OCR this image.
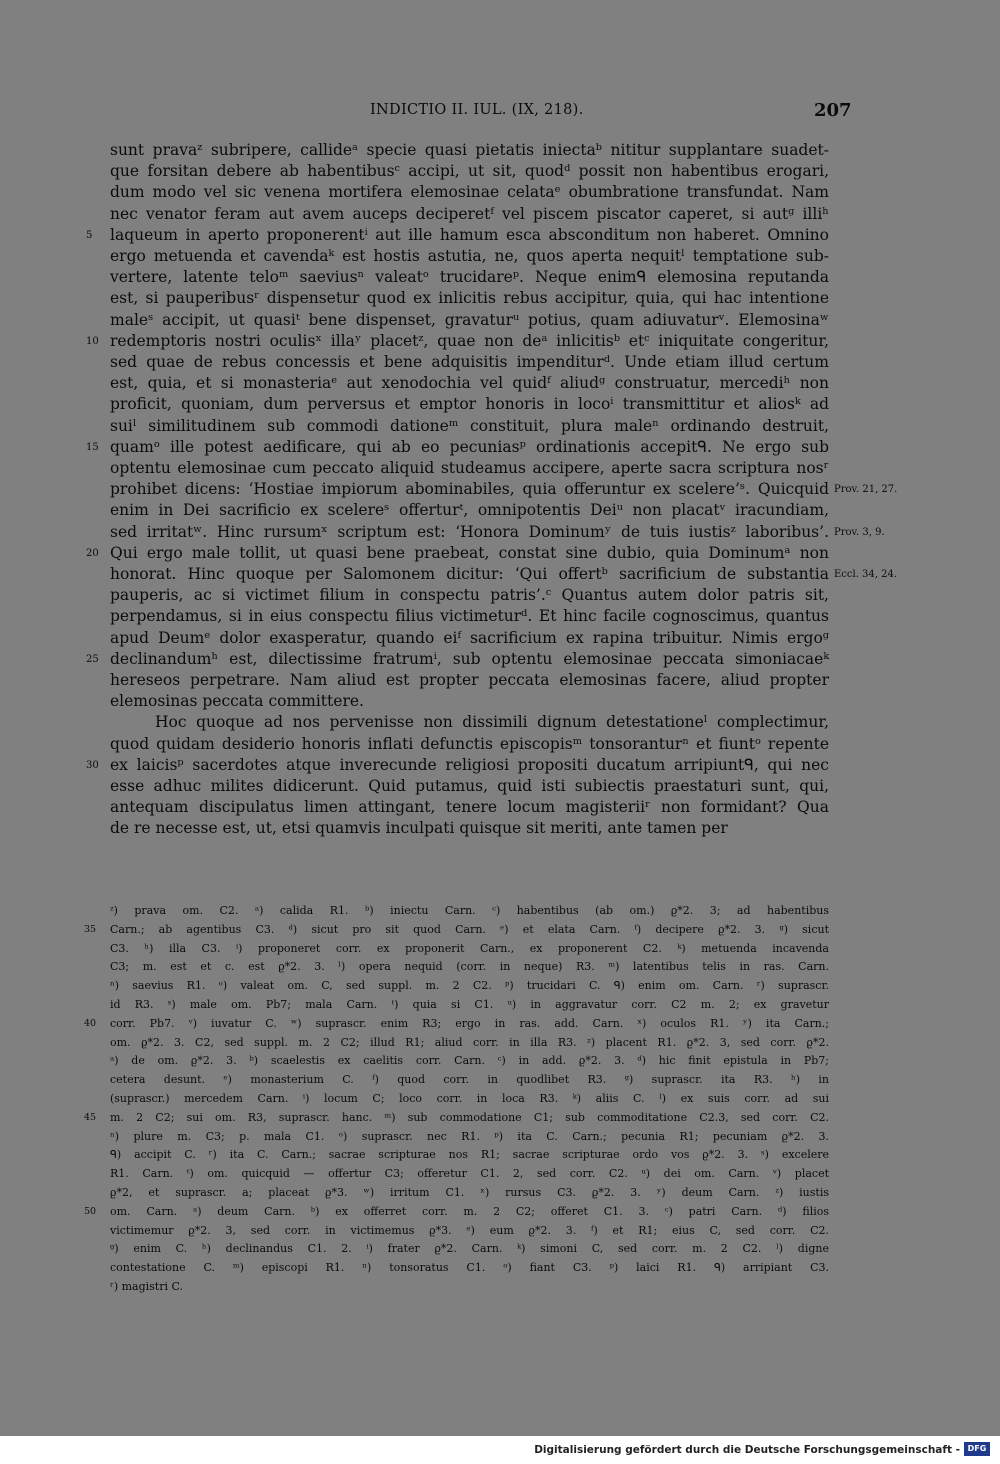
INDICTIO II. IUL. (IX, 218).	207
sunt pravaᶻ subripere, callideᵃ specie quasi pietatis iniectaᵇ nititur supplantare suadet-
que forsitan debere ab habentibusᶜ accipi, ut sit, quodᵈ possit non habentibus erogari,
dum modo vel sic venena mortifera elemosinae celataᵉ obumbratione transfundat. Nam
nec venator feram aut avem auceps deciperetᶠ vel piscem piscator caperet, si autᵍ illiʰ
laqueum in aperto proponerentⁱ aut ille hamum esca absconditum non haberet. Omnino
ergo metuenda et cavendaᵏ est hostis astutia, ne, quos aperta nequitˡ temptatione sub-
vertere, latente teloᵐ saeviusⁿ valeatᵒ trucidareᵖ. Neque enimᑫ elemosina reputanda
est, si pauperibusʳ dispensetur quod ex inlicitis rebus accipitur, quia, qui hac intentione
maleˢ accipit, ut quasiᵗ bene dispenset, gravaturᵘ potius, quam adiuvaturᵛ. Elemosinaʷ
redemptoris nostri oculisˣ illaʸ placetᶻ, quae non deᵃ inlicitisᵇ etᶜ iniquitate congeritur,
sed quae de rebus concessis et bene adquisitis impenditurᵈ. Unde etiam illud certum
est, quia, et si monasteriaᵉ aut xenodochia vel quidᶠ aliudᵍ construatur, mercediʰ non
proficit, quoniam, dum perversus et emptor honoris in locoⁱ transmittitur et aliosᵏ ad
suiˡ similitudinem sub commodi dationeᵐ constituit, plura maleⁿ ordinando destruit,
quamᵒ ille potest aedificare, qui ab eo pecuniasᵖ ordinationis accepitᑫ. Ne ergo sub
optentu elemosinae cum peccato aliquid studeamus accipere, aperte sacra scriptura nosʳ
prohibet dicens: ‘Hostiae impiorum abominabiles, quia offeruntur ex scelere’ˢ. Quicquid
enim in Dei sacrificio ex scelereˢ offerturᵗ, omnipotentis Deiᵘ non placatᵛ iracundiam,
sed irritatʷ. Hinc rursumˣ scriptum est: ‘Honora Dominumʸ de tuis iustisᶻ laboribus’.
Qui ergo male tollit, ut quasi bene praebeat, constat sine dubio, quia Dominumᵃ non
honorat. Hinc quoque per Salomonem dicitur: ‘Qui offertᵇ sacrificium de substantia
pauperis, ac si victimet filium in conspectu patris’.ᶜ Quantus autem dolor patris sit,
perpendamus, si in eius conspectu filius victimeturᵈ. Et hinc facile cognoscimus, quantus
apud Deumᵉ dolor exasperatur, quando eiᶠ sacrificium ex rapina tribuitur. Nimis ergoᵍ
declinandumʰ est, dilectissime fratrumⁱ, sub optentu elemosinae peccata simoniacaeᵏ
hereseos perpetrare. Nam aliud est propter peccata elemosinas facere, aliud propter
elemosinas peccata committere.
Hoc quoque ad nos pervenisse non dissimili dignum detestationeˡ complectimur,
quod quidam desiderio honoris inflati defunctis episcopisᵐ tonsoranturⁿ et fiuntᵒ repente
ex laicisᵖ sacerdotes atque inverecunde religiosi propositi ducatum arripiuntᑫ, qui nec
esse adhuc milites didicerunt. Quid putamus, quid isti subiectis praestaturi sunt, qui,
antequam discipulatus limen attingant, tenere locum magisteriiʳ non formidant? Qua
de re necesse est, ut, etsi quamvis inculpati quisque sit meriti, ante tamen per
5
10
15
20
25
30
35
40
45
50
Prov. 21, 27.
Prov. 3, 9.
Eccl. 34, 24.
ᶻ) prava om. C2. ᵃ) calida R1. ᵇ) iniectu Carn. ᶜ) habentibus (ab om.) ϱ*2. 3; ad habentibus
Carn.; ab agentibus C3. ᵈ) sicut pro sit quod Carn. ᵉ) et elata Carn. ᶠ) decipere ϱ*2. 3. ᵍ) sicut
C3. ʰ) illa C3. ⁱ) proponeret corr. ex proponerit Carn., ex proponerent C2. ᵏ) metuenda incavenda
C3; m. est et c. est ϱ*2. 3. ˡ) opera nequid (corr. in neque) R3. ᵐ) latentibus telis in ras. Carn.
ⁿ) saevius R1. ᵒ) valeat om. C, sed suppl. m. 2 C2. ᵖ) trucidari C. ᑫ) enim om. Carn. ʳ) suprascr.
id R3. ˢ) male om. Pb7; mala Carn. ᵗ) quia si C1. ᵘ) in aggravatur corr. C2 m. 2; ex gravetur
corr. Pb7. ᵛ) iuvatur C. ʷ) suprascr. enim R3; ergo in ras. add. Carn. ˣ) oculos R1. ʸ) ita Carn.;
om. ϱ*2. 3. C2, sed suppl. m. 2 C2; illud R1; aliud corr. in illa R3. ᶻ) placent R1. ϱ*2. 3, sed corr. ϱ*2.
ᵃ) de om. ϱ*2. 3. ᵇ) scaelestis ex caelitis corr. Carn. ᶜ) in add. ϱ*2. 3. ᵈ) hic finit epistula in Pb7;
cetera desunt. ᵉ) monasterium C. ᶠ) quod corr. in quodlibet R3. ᵍ) suprascr. ita R3. ʰ) in
(suprascr.) mercedem Carn. ⁱ) locum C; loco corr. in loca R3. ᵏ) aliis C. ˡ) ex suis corr. ad sui
m. 2 C2; sui om. R3, suprascr. hanc. ᵐ) sub commodatione C1; sub commoditatione C2.3, sed corr. C2.
ⁿ) plure m. C3; p. mala C1. ᵒ) suprascr. nec R1. ᵖ) ita C. Carn.; pecunia R1; pecuniam ϱ*2. 3.
ᑫ) accipit C. ʳ) ita C. Carn.; sacrae scripturae nos R1; sacrae scripturae ordo vos ϱ*2. 3. ˢ) excelere
R1. Carn. ᵗ) om. quicquid — offertur C3; offeretur C1. 2, sed corr. C2. ᵘ) dei om. Carn. ᵛ) placet
ϱ*2, et suprascr. a; placeat ϱ*3. ʷ) irritum C1. ˣ) rursus C3. ϱ*2. 3. ʸ) deum Carn. ᶻ) iustis
om. Carn. ᵃ) deum Carn. ᵇ) ex offerret corr. m. 2 C2; offeret C1. 3. ᶜ) patri Carn. ᵈ) filios
victimemur ϱ*2. 3, sed corr. in victimemus ϱ*3. ᵉ) eum ϱ*2. 3. ᶠ) et R1; eius C, sed corr. C2.
ᵍ) enim C. ʰ) declinandus C1. 2. ⁱ) frater ϱ*2. Carn. ᵏ) simoni C, sed corr. m. 2 C2. ˡ) digne
contestatione C. ᵐ) episcopi R1. ⁿ) tonsoratus C1. ᵒ) fiant C3. ᵖ) laici R1. ᑫ) arripiant C3.
ʳ) magistri C.
Digitalisierung gefördert durch die Deutsche Forschungsgemeinschaft - DFG
